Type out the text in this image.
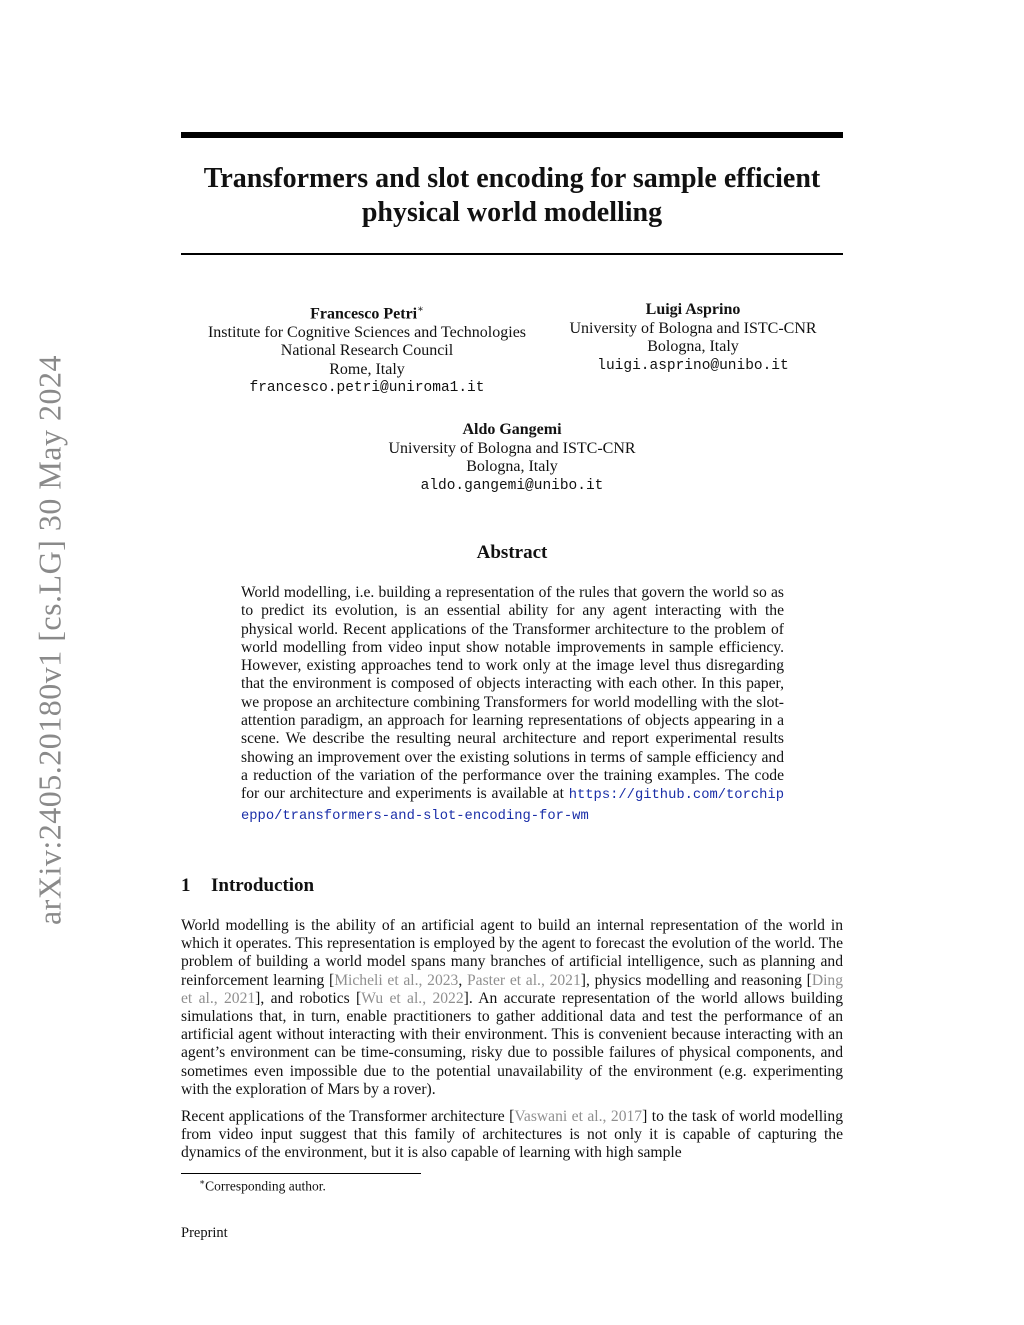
arXiv:2405.20180v1 [cs.LG] 30 May 2024
Transformers and slot encoding for sample efficient
physical world modelling
Francesco Petri∗
Institute for Cognitive Sciences and Technologies
National Research Council
Rome, Italy
francesco.petri@uniroma1.it
Luigi Asprino
University of Bologna and ISTC-CNR
Bologna, Italy
luigi.asprino@unibo.it
Aldo Gangemi
University of Bologna and ISTC-CNR
Bologna, Italy
aldo.gangemi@unibo.it
Abstract
World modelling, i.e. building a representation of the rules that govern the world so as to predict its evolution, is an essential ability for any agent interacting with the physical world. Recent applications of the Transformer architecture to the problem of world modelling from video input show notable improvements in sample efficiency. However, existing approaches tend to work only at the image level thus disregarding that the environment is composed of objects interacting with each other. In this paper, we propose an architecture combining Transformers for world modelling with the slot-attention paradigm, an approach for learning representations of objects appearing in a scene. We describe the resulting neural architecture and report experimental results showing an improvement over the existing solutions in terms of sample efficiency and a reduction of the variation of the performance over the training examples. The code for our architecture and experiments is available at https://github.com/torchipeppo/transformers-and-slot-encoding-for-wm
1 Introduction

World modelling is the ability of an artificial agent to build an internal representation of the world in which it operates. This representation is employed by the agent to forecast the evolution of the world. The problem of building a world model spans many branches of artificial intelligence, such as planning and reinforcement learning [Micheli et al., 2023, Paster et al., 2021], physics modelling and reasoning [Ding et al., 2021], and robotics [Wu et al., 2022]. An accurate representation of the world allows building simulations that, in turn, enable practitioners to gather additional data and test the performance of an artificial agent without interacting with their environment. This is convenient because interacting with an agent’s environment can be time-consuming, risky due to possible failures of physical components, and sometimes even impossible due to the potential unavailability of the environment (e.g. experimenting with the exploration of Mars by a rover).

Recent applications of the Transformer architecture [Vaswani et al., 2017] to the task of world modelling from video input suggest that this family of architectures is not only it is capable of capturing the dynamics of the environment, but it is also capable of learning with high sample

∗Corresponding author.
Preprint
